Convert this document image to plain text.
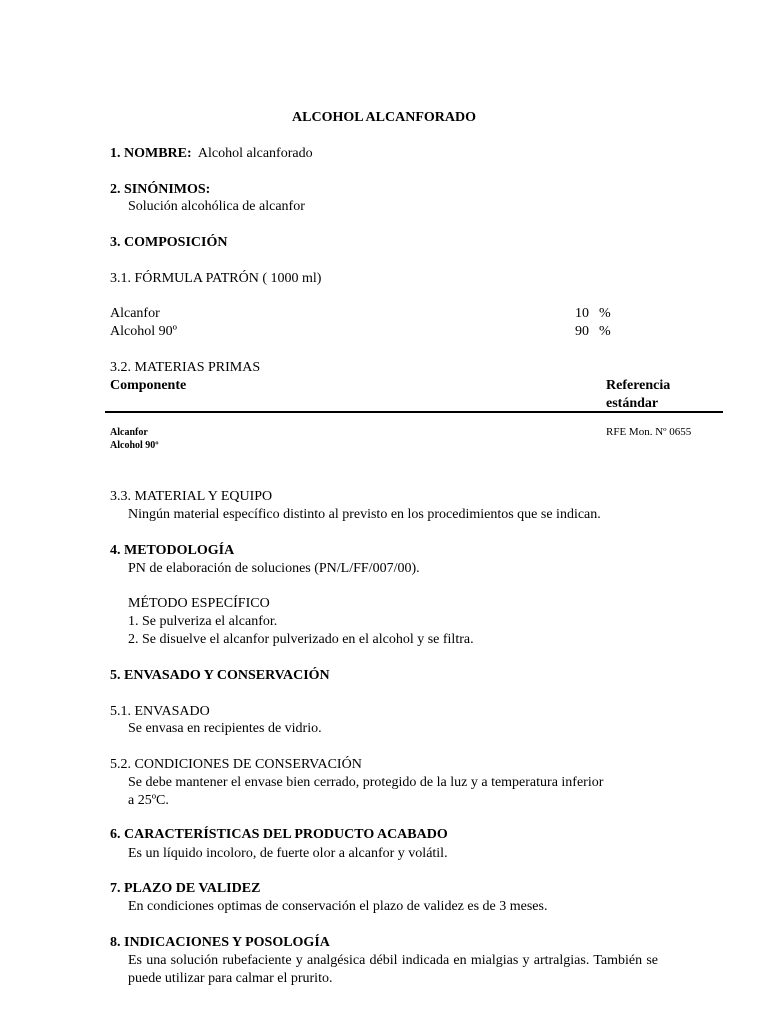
ALCOHOL ALCANFORADO
1. NOMBRE: Alcohol alcanforado
2. SINÓNIMOS:
Solución alcohólica de alcanfor
3. COMPOSICIÓN
3.1. FÓRMULA PATRÓN ( 1000 ml)
Alcanfor	10 %
Alcohol 90º	90 %
3.2. MATERIAS PRIMAS
Componente	Referencia
estándar
Alcanfor	RFE Mon. Nº 0655
Alcohol 90º
3.3. MATERIAL Y EQUIPO
Ningún material específico distinto al previsto en los procedimientos que se indican.
4. METODOLOGÍA
PN de elaboración de soluciones (PN/L/FF/007/00).
MÉTODO ESPECÍFICO
1. Se pulveriza el alcanfor.
2. Se disuelve el alcanfor pulverizado en el alcohol y se filtra.
5. ENVASADO Y CONSERVACIÓN
5.1. ENVASADO
Se envasa en recipientes de vidrio.
5.2. CONDICIONES DE CONSERVACIÓN
Se debe mantener el envase bien cerrado, protegido de la luz y a temperatura inferior
a 25ºC.
6. CARACTERÍSTICAS DEL PRODUCTO ACABADO
Es un líquido incoloro, de fuerte olor a alcanfor y volátil.
7. PLAZO DE VALIDEZ
En condiciones optimas de conservación el plazo de validez es de 3 meses.
8. INDICACIONES Y POSOLOGÍA
Es una solución rubefaciente y analgésica débil indicada en mialgias y artralgias. También se puede utilizar para calmar el prurito.
